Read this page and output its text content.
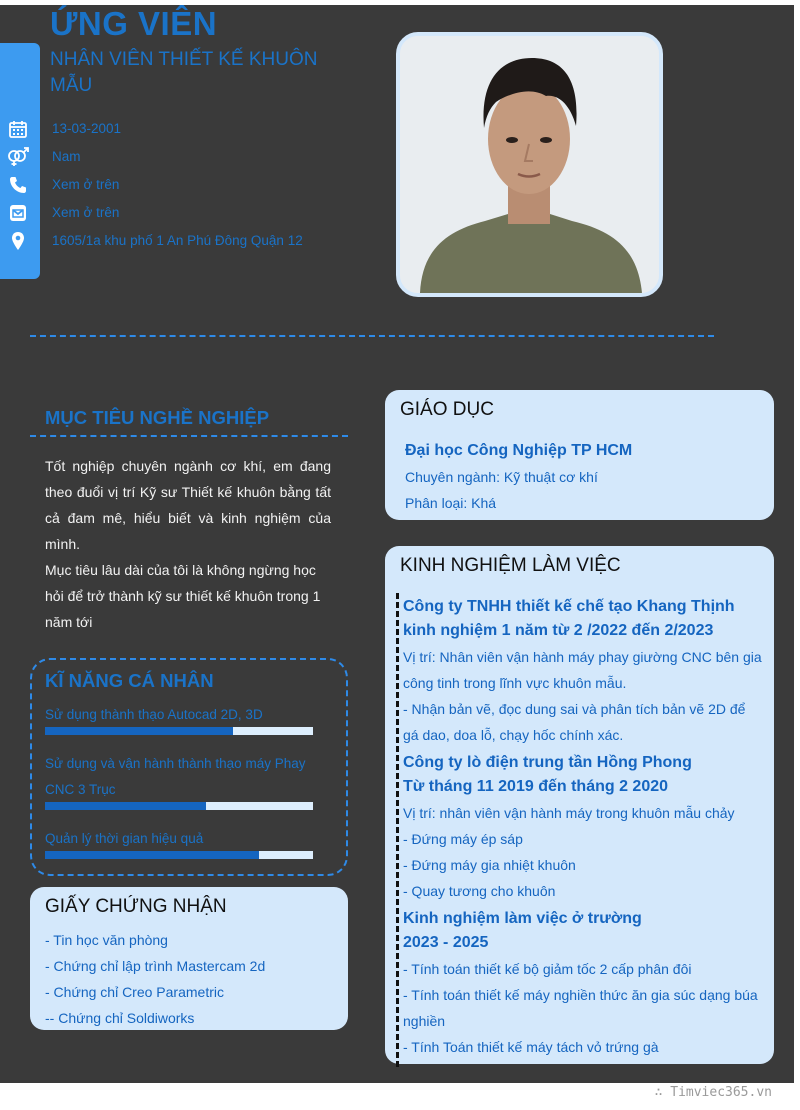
ỨNG VIÊN
NHÂN VIÊN THIẾT KẾ KHUÔN MẪU
13-03-2001
Nam
Xem ở trên
Xem ở trên
1605/1a khu phố 1 An Phú Đông Quận 12
MỤC TIÊU NGHỀ NGHIỆP

Tốt nghiệp chuyên ngành cơ khí, em đang theo đuổi vị trí Kỹ sư Thiết kế khuôn bằng tất cả đam mê, hiểu biết và kinh nghiệm của mình.

Mục tiêu lâu dài của tôi là không ngừng học hỏi để trở thành kỹ sư thiết kế khuôn trong 1 năm tới

KĨ NĂNG CÁ NHÂN
Sử dụng thành thạo Autocad 2D, 3D
Sử dụng và vận hành thành thạo máy Phay CNC 3 Trục
Quản lý thời gian hiệu quả
GIẤY CHỨNG NHẬN
- Tin học văn phòng
- Chứng chỉ lập trình Mastercam 2d
- Chứng chỉ Creo Parametric
-- Chứng chỉ Soldiworks
GIÁO DỤC
Đại học Công Nghiệp TP HCM
Chuyên ngành: Kỹ thuật cơ khí
Phân loại: Khá
KINH NGHIỆM LÀM VIỆC
Công ty TNHH thiết kế chế tạo Khang Thịnh
kinh nghiệm 1 năm từ 2 /2022 đến 2/2023
Vị trí: Nhân viên vận hành máy phay giường CNC bên gia
công tinh trong lĩnh vực khuôn mẫu.
- Nhận bản vẽ, đọc dung sai và phân tích bản vẽ 2D để
gá dao, doa lỗ, chạy hốc chính xác.
Công ty lò điện trung tần Hồng Phong
Từ tháng 11 2019 đến tháng 2 2020
Vị trí: nhân viên vận hành máy trong khuôn mẫu chảy
- Đứng máy ép sáp
- Đứng máy gia nhiệt khuôn
- Quay tương cho khuôn
Kinh nghiệm làm việc ở trường
2023 - 2025
- Tính toán thiết kế bộ giảm tốc 2 cấp phân đôi
- Tính toán thiết kế máy nghiền thức ăn gia súc dạng búa
nghiền
- Tính Toán thiết kế máy tách vỏ trứng gà
∴ Timviec365.vn
